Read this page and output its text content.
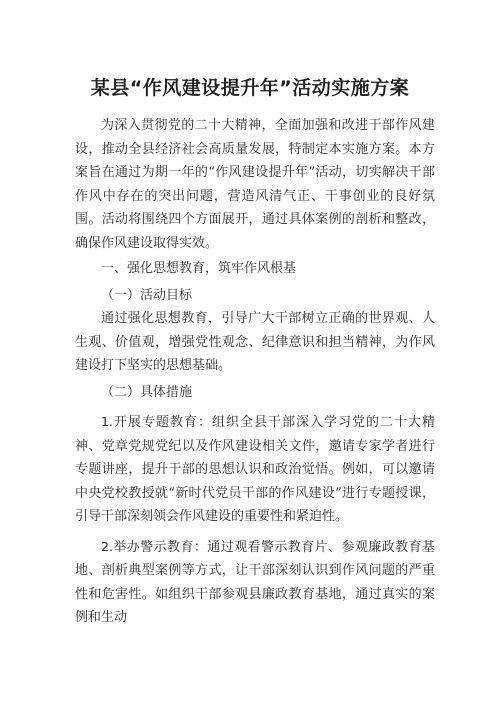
某县“作风建设提升年”活动实施方案

为深入贯彻党的二十大精神，全面加强和改进干部作风建设，推动全县经济社会高质量发展，特制定本实施方案。本方案旨在通过为期一年的“作风建设提升年”活动，切实解决干部作风中存在的突出问题，营造风清气正、干事创业的良好氛围。活动将围绕四个方面展开，通过具体案例的剖析和整改，确保作风建设取得实效。

一、强化思想教育，筑牢作风根基

（一）活动目标

通过强化思想教育，引导广大干部树立正确的世界观、人生观、价值观，增强党性观念、纪律意识和担当精神，为作风建设打下坚实的思想基础。

（二）具体措施

1.开展专题教育：组织全县干部深入学习党的二十大精神、党章党规党纪以及作风建设相关文件，邀请专家学者进行专题讲座，提升干部的思想认识和政治觉悟。例如，可以邀请中央党校教授就“新时代党员干部的作风建设”进行专题授课，引导干部深刻领会作风建设的重要性和紧迫性。

2.举办警示教育：通过观看警示教育片、参观廉政教育基地、剖析典型案例等方式，让干部深刻认识到作风问题的严重性和危害性。如组织干部参观县廉政教育基地，通过真实的案例和生动
